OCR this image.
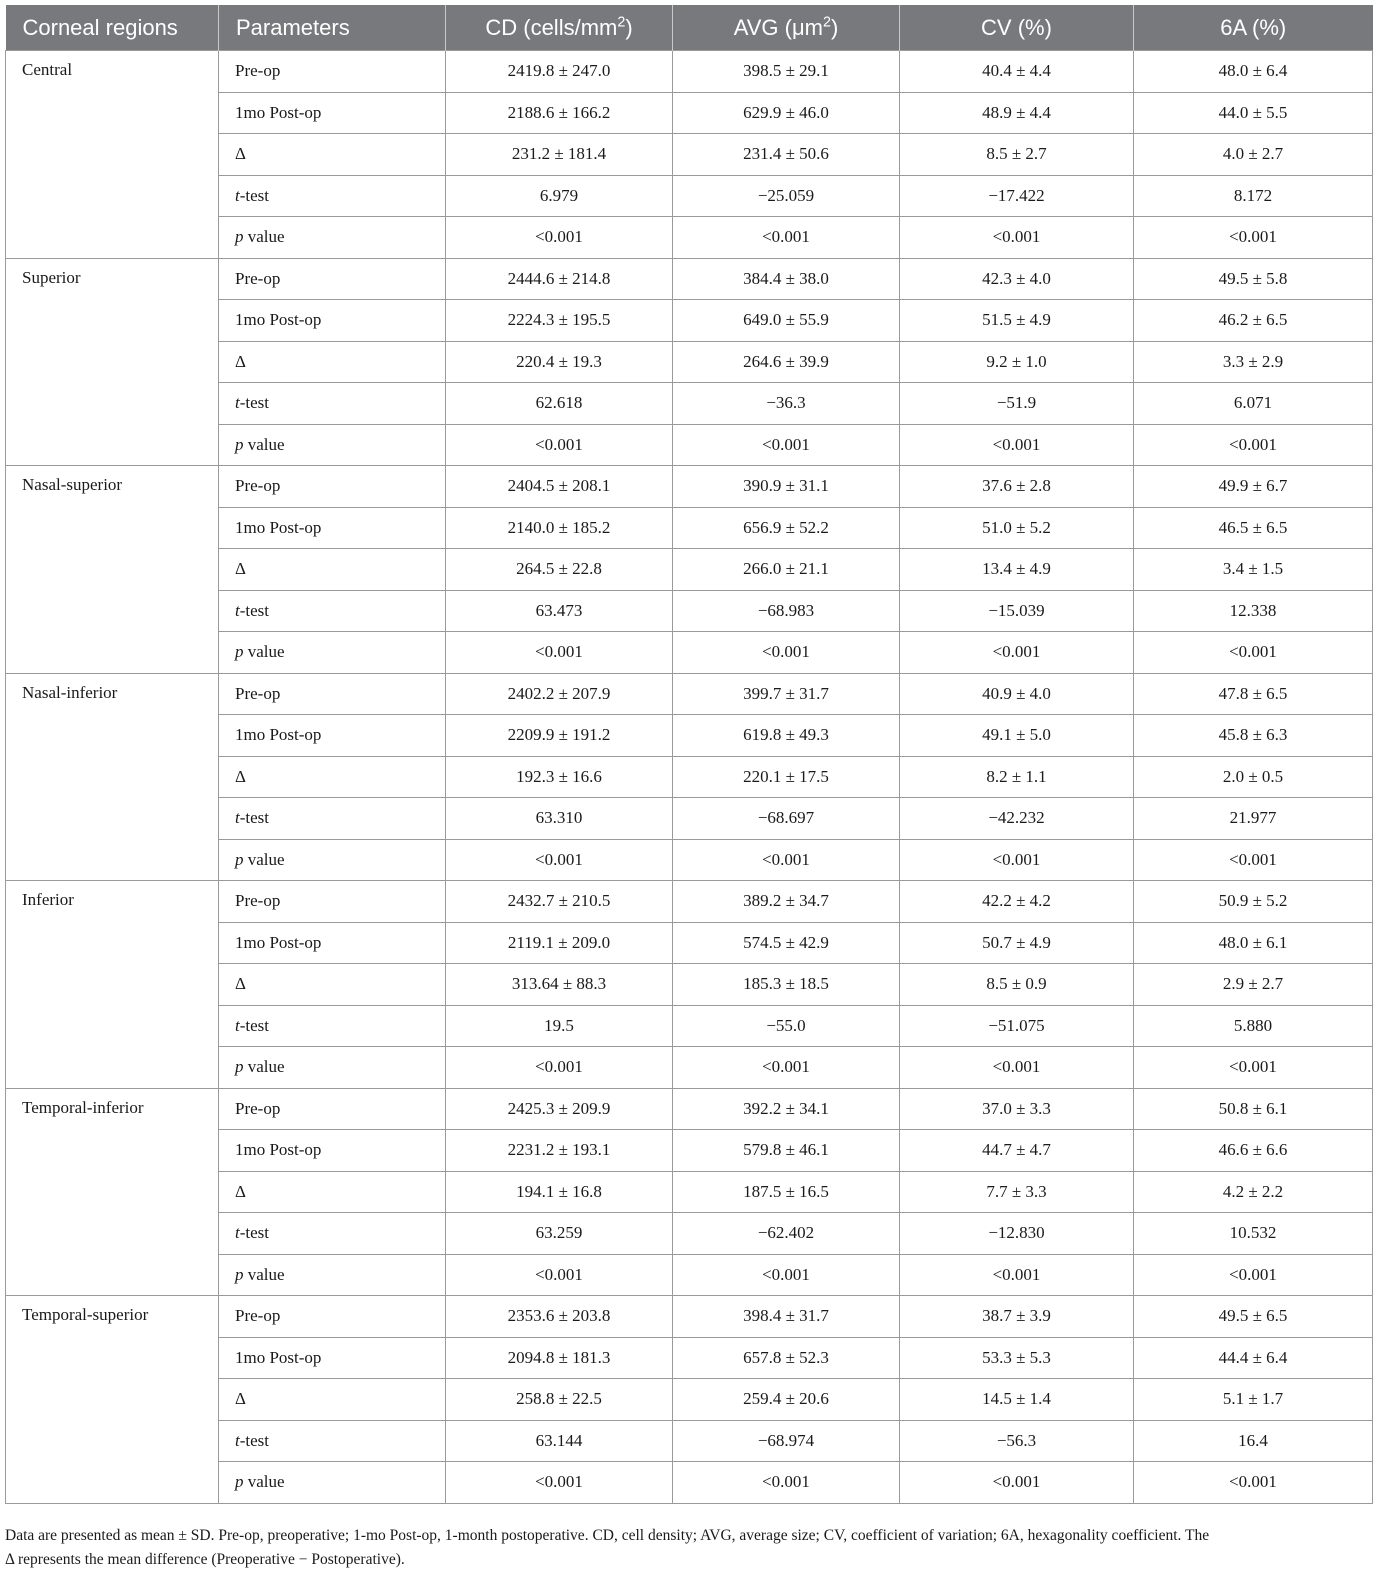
Corneal regions	Parameters	CD $(cells/mm^2)$	AVG $(\mu m^2)$	CV (%)	6A (%)
Central	Pre-op	2419.8 ± 247.0	398.5 ± 29.1	40.4 ± 4.4	48.0 ± 6.4
	1mo Post-op	2188.6 ± 166.2	629.9 ± 46.0	48.9 ± 4.4	44.0 ± 5.5
	Δ	231.2 ± 181.4	231.4 ± 50.6	8.5 ± 2.7	4.0 ± 2.7
	t-test	6.979	−25.059	−17.422	8.172
	p value	<0.001	<0.001	<0.001	<0.001
Superior	Pre-op	2444.6 ± 214.8	384.4 ± 38.0	42.3 ± 4.0	49.5 ± 5.8
	1mo Post-op	2224.3 ± 195.5	649.0 ± 55.9	51.5 ± 4.9	46.2 ± 6.5
	Δ	220.4 ± 19.3	264.6 ± 39.9	9.2 ± 1.0	3.3 ± 2.9
	t-test	62.618	−36.3	−51.9	6.071
	p value	<0.001	<0.001	<0.001	<0.001
Nasal-superior	Pre-op	2404.5 ± 208.1	390.9 ± 31.1	37.6 ± 2.8	49.9 ± 6.7
	1mo Post-op	2140.0 ± 185.2	656.9 ± 52.2	51.0 ± 5.2	46.5 ± 6.5
	Δ	264.5 ± 22.8	266.0 ± 21.1	13.4 ± 4.9	3.4 ± 1.5
	t-test	63.473	−68.983	−15.039	12.338
	p value	<0.001	<0.001	<0.001	<0.001
Nasal-inferior	Pre-op	2402.2 ± 207.9	399.7 ± 31.7	40.9 ± 4.0	47.8 ± 6.5
	1mo Post-op	2209.9 ± 191.2	619.8 ± 49.3	49.1 ± 5.0	45.8 ± 6.3
	Δ	192.3 ± 16.6	220.1 ± 17.5	8.2 ± 1.1	2.0 ± 0.5
	t-test	63.310	−68.697	−42.232	21.977
	p value	<0.001	<0.001	<0.001	<0.001
Inferior	Pre-op	2432.7 ± 210.5	389.2 ± 34.7	42.2 ± 4.2	50.9 ± 5.2
	1mo Post-op	2119.1 ± 209.0	574.5 ± 42.9	50.7 ± 4.9	48.0 ± 6.1
	Δ	313.64 ± 88.3	185.3 ± 18.5	8.5 ± 0.9	2.9 ± 2.7
	t-test	19.5	−55.0	−51.075	5.880
	p value	<0.001	<0.001	<0.001	<0.001
Temporal-inferior	Pre-op	2425.3 ± 209.9	392.2 ± 34.1	37.0 ± 3.3	50.8 ± 6.1
	1mo Post-op	2231.2 ± 193.1	579.8 ± 46.1	44.7 ± 4.7	46.6 ± 6.6
	Δ	194.1 ± 16.8	187.5 ± 16.5	7.7 ± 3.3	4.2 ± 2.2
	t-test	63.259	−62.402	−12.830	10.532
	p value	<0.001	<0.001	<0.001	<0.001
Temporal-superior	Pre-op	2353.6 ± 203.8	398.4 ± 31.7	38.7 ± 3.9	49.5 ± 6.5
	1mo Post-op	2094.8 ± 181.3	657.8 ± 52.3	53.3 ± 5.3	44.4 ± 6.4
	Δ	258.8 ± 22.5	259.4 ± 20.6	14.5 ± 1.4	5.1 ± 1.7
	t-test	63.144	−68.974	−56.3	16.4
	p value	<0.001	<0.001	<0.001	<0.001
Data are presented as mean ± SD. Pre-op, preoperative; 1-mo Post-op, 1-month postoperative. CD, cell density; AVG, average size; CV, coefficient of variation; 6A, hexagonality coefficient. The
Δ represents the mean difference (Preoperative − Postoperative).
